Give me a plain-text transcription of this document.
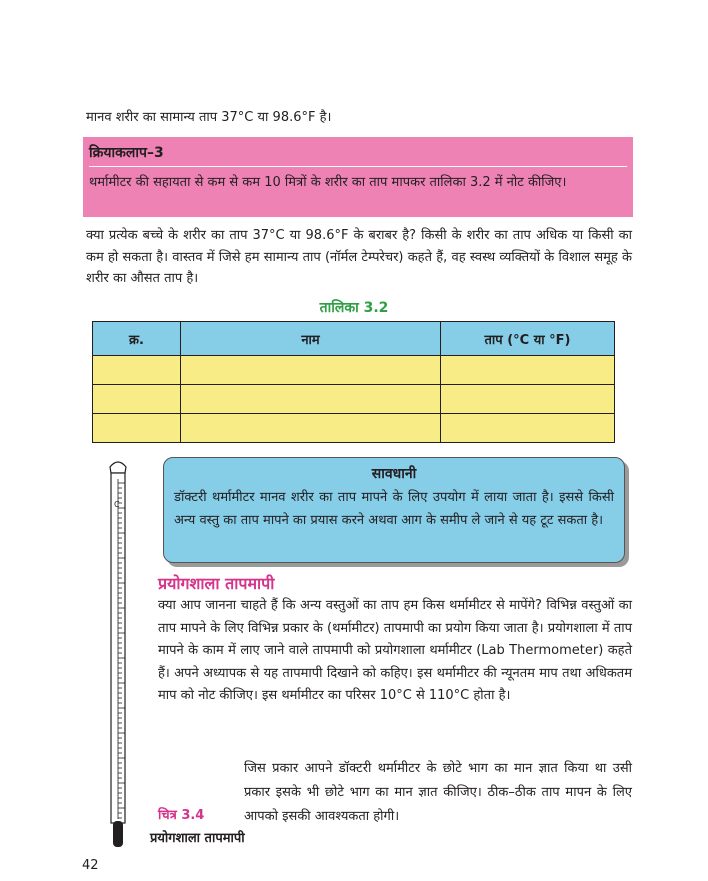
मानव शरीर का सामान्य ताप 37°C या 98.6°F है।

क्रियाकलाप–3
थर्मामीटर की सहायता से कम से कम 10 मित्रों के शरीर का ताप मापकर तालिका 3.2 में नोट कीजिए।

क्या प्रत्येक बच्चे के शरीर का ताप 37°C या 98.6°F के बराबर है? किसी के शरीर का ताप अधिक या किसी का कम हो सकता है। वास्तव में जिसे हम सामान्य ताप (नॉर्मल टेम्परेचर) कहते हैं, वह स्वस्थ व्यक्तियों के विशाल समूह के शरीर का औसत ताप है।

तालिका 3.2
क्र.	नाम	ताप (°C या °F)

C
सावधानी
डॉक्टरी थर्मामीटर मानव शरीर का ताप मापने के लिए उपयोग में लाया जाता है। इससे किसी अन्य वस्तु का ताप मापने का प्रयास करने अथवा आग के समीप ले जाने से यह टूट सकता है।
प्रयोगशाला तापमापी

क्या आप जानना चाहते हैं कि अन्य वस्तुओं का ताप हम किस थर्मामीटर से मापेंगे? विभिन्न वस्तुओं का ताप मापने के लिए विभिन्न प्रकार के (थर्मामीटर) तापमापी का प्रयोग किया जाता है। प्रयोगशाला में ताप मापने के काम में लाए जाने वाले तापमापी को प्रयोगशाला थर्मामीटर (Lab Thermometer) कहते हैं। अपने अध्यापक से यह तापमापी दिखाने को कहिए। इस थर्मामीटर की न्यूनतम माप तथा अधिकतम माप को नोट कीजिए। इस थर्मामीटर का परिसर 10°C से 110°C होता है।

जिस प्रकार आपने डॉक्टरी थर्मामीटर के छोटे भाग का मान ज्ञात किया था उसी प्रकार इसके भी छोटे भाग का मान ज्ञात कीजिए। ठीक–ठीक ताप मापन के लिए आपको इसकी आवश्यकता होगी।

चित्र 3.4
प्रयोगशाला तापमापी
42
